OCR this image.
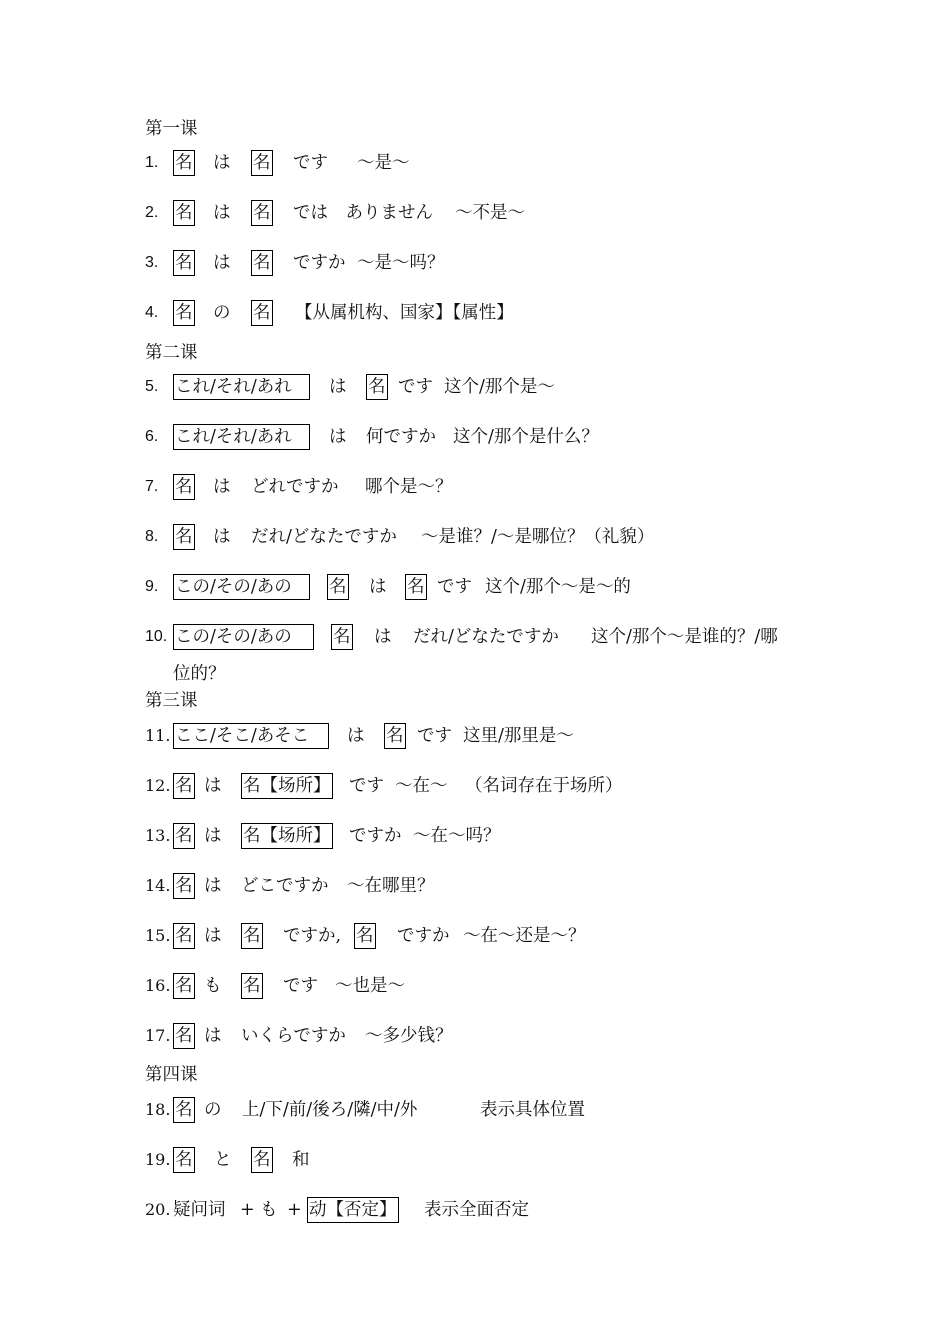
第一课
1. 名 は 名 です ～是～
2. 名 は 名 では　ありません ～不是～
3. 名 は 名 ですか ～是～吗？
4. 名 の 名 【从属机构、国家】【属性】
第二课
5. これ/それ/あれ	は 名 です 这个/那个是～
6. これ/それ/あれ	は 何ですか 这个/那个是什么？
7. 名 は どれですか 哪个是～？
8. 名 は だれ/どなたですか ～是谁？/～是哪位？（礼貌）
9. この/その/あの	名 は 名 です 这个/那个～是～的
10. この/その/あの	名 は だれ/どなたですか 这个/那个～是谁的？/哪
位的？
第三课
11. ここ/そこ/あそこ	は 名 です 这里/那里是～
12. 名 は 名【场所】 です ～在～ （名词存在于场所）
13. 名 は 名【场所】 ですか ～在～吗？
14. 名 は どこですか ～在哪里？
15. 名 は 名 ですか, 名 ですか ～在～还是～？
16. 名 も 名 です ～也是～
17. 名 は いくらですか ～多少钱？
第四课
18. 名 の 上/下/前/後ろ/隣/中/外	表示具体位置
19. 名 と 名 和
20. 疑问词 + も + 动【否定】 表示全面否定
